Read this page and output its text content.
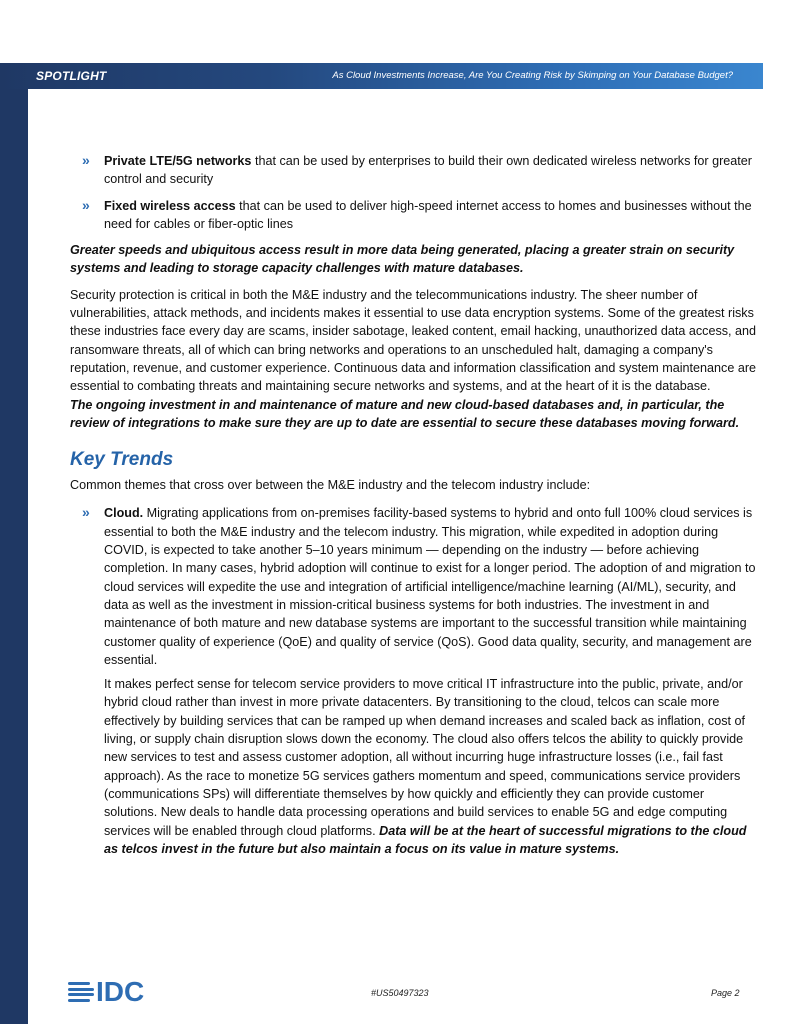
SPOTLIGHT	As Cloud Investments Increase, Are You Creating Risk by Skimping on Your Database Budget?
» Private LTE/5G networks that can be used by enterprises to build their own dedicated wireless networks for greater control and security
» Fixed wireless access that can be used to deliver high-speed internet access to homes and businesses without the need for cables or fiber-optic lines

Greater speeds and ubiquitous access result in more data being generated, placing a greater strain on security systems and leading to storage capacity challenges with mature databases.

Security protection is critical in both the M&E industry and the telecommunications industry. The sheer number of vulnerabilities, attack methods, and incidents makes it essential to use data encryption systems. Some of the greatest risks these industries face every day are scams, insider sabotage, leaked content, email hacking, unauthorized data access, and ransomware threats, all of which can bring networks and operations to an unscheduled halt, damaging a company's reputation, revenue, and customer experience. Continuous data and information classification and system maintenance are essential to combating threats and maintaining secure networks and systems, and at the heart of it is the database.

The ongoing investment in and maintenance of mature and new cloud-based databases and, in particular, the review of integrations to make sure they are up to date are essential to secure these databases moving forward.

Key Trends

Common themes that cross over between the M&E industry and the telecom industry include:

» Cloud. Migrating applications from on-premises facility-based systems to hybrid and onto full 100% cloud services is essential to both the M&E industry and the telecom industry. This migration, while expedited in adoption during COVID, is expected to take another 5–10 years minimum — depending on the industry — before achieving completion. In many cases, hybrid adoption will continue to exist for a longer period. The adoption of and migration to cloud services will expedite the use and integration of artificial intelligence/machine learning (AI/ML), security, and data as well as the investment in mission-critical business systems for both industries. The investment in and maintenance of both mature and new database systems are important to the successful transition while maintaining customer quality of experience (QoE) and quality of service (QoS). Good data quality, security, and management are essential.

It makes perfect sense for telecom service providers to move critical IT infrastructure into the public, private, and/or hybrid cloud rather than invest in more private datacenters. By transitioning to the cloud, telcos can scale more effectively by building services that can be ramped up when demand increases and scaled back as inflation, cost of living, or supply chain disruption slows down the economy. The cloud also offers telcos the ability to quickly provide new services to test and assess customer adoption, all without incurring huge infrastructure losses (i.e., fail fast approach). As the race to monetize 5G services gathers momentum and speed, communications service providers (communications SPs) will differentiate themselves by how quickly and efficiently they can provide customer solutions. New deals to handle data processing operations and build services to enable 5G and edge computing services will be enabled through cloud platforms. Data will be at the heart of successful migrations to the cloud as telcos invest in the future but also maintain a focus on its value in mature systems.

IDC	#US50497323	Page 2
